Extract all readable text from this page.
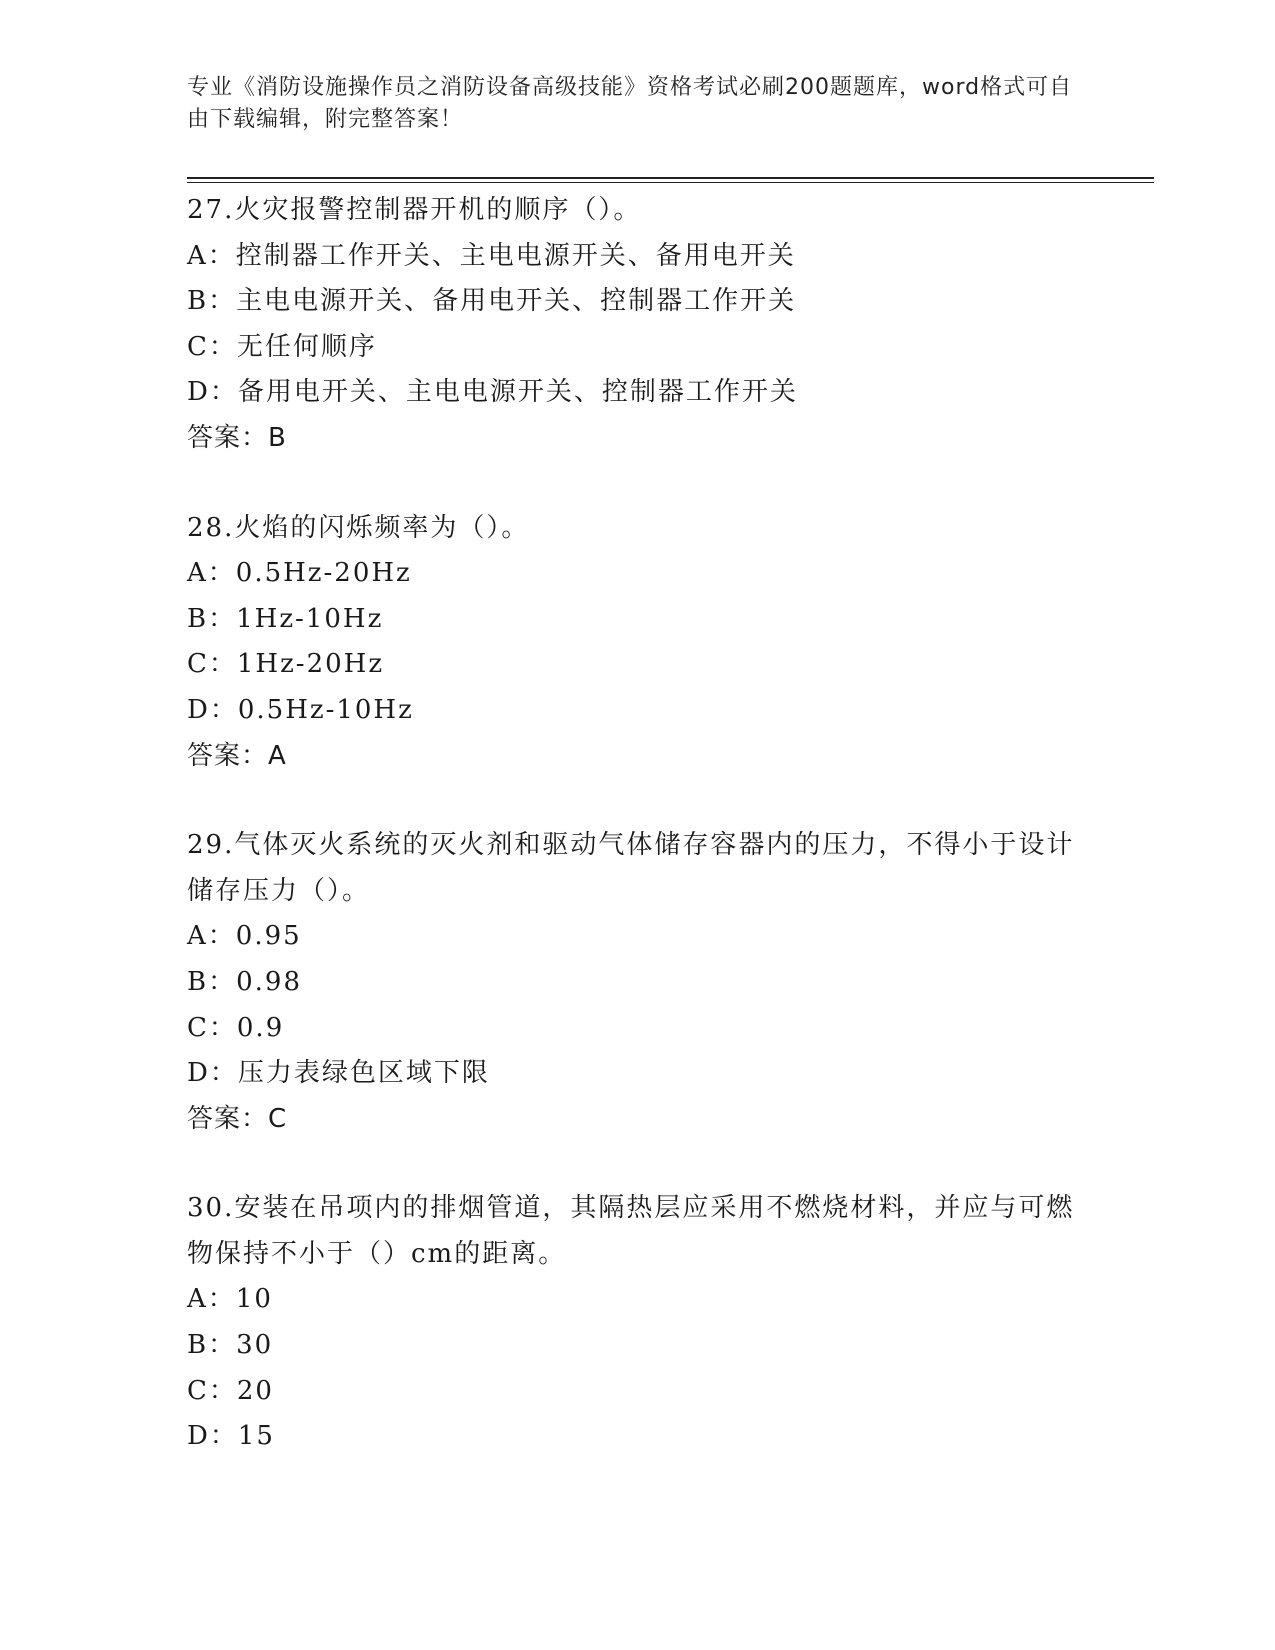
专业《消防设施操作员之消防设备高级技能》资格考试必刷200题题库，word格式可自由下载编辑，附完整答案！

27.火灾报警控制器开机的顺序（）。

A：控制器工作开关、主电电源开关、备用电开关

B：主电电源开关、备用电开关、控制器工作开关

C：无任何顺序

D：备用电开关、主电电源开关、控制器工作开关

答案：B

28.火焰的闪烁频率为（）。

A：0.5Hz-20Hz

B：1Hz-10Hz

C：1Hz-20Hz

D：0.5Hz-10Hz

答案：A

29.气体灭火系统的灭火剂和驱动气体储存容器内的压力，不得小于设计储存压力（）。

A：0.95

B：0.98

C：0.9

D：压力表绿色区域下限

答案：C

30.安装在吊项内的排烟管道，其隔热层应采用不燃烧材料，并应与可燃物保持不小于（）cm的距离。

A：10

B：30

C：20

D：15
